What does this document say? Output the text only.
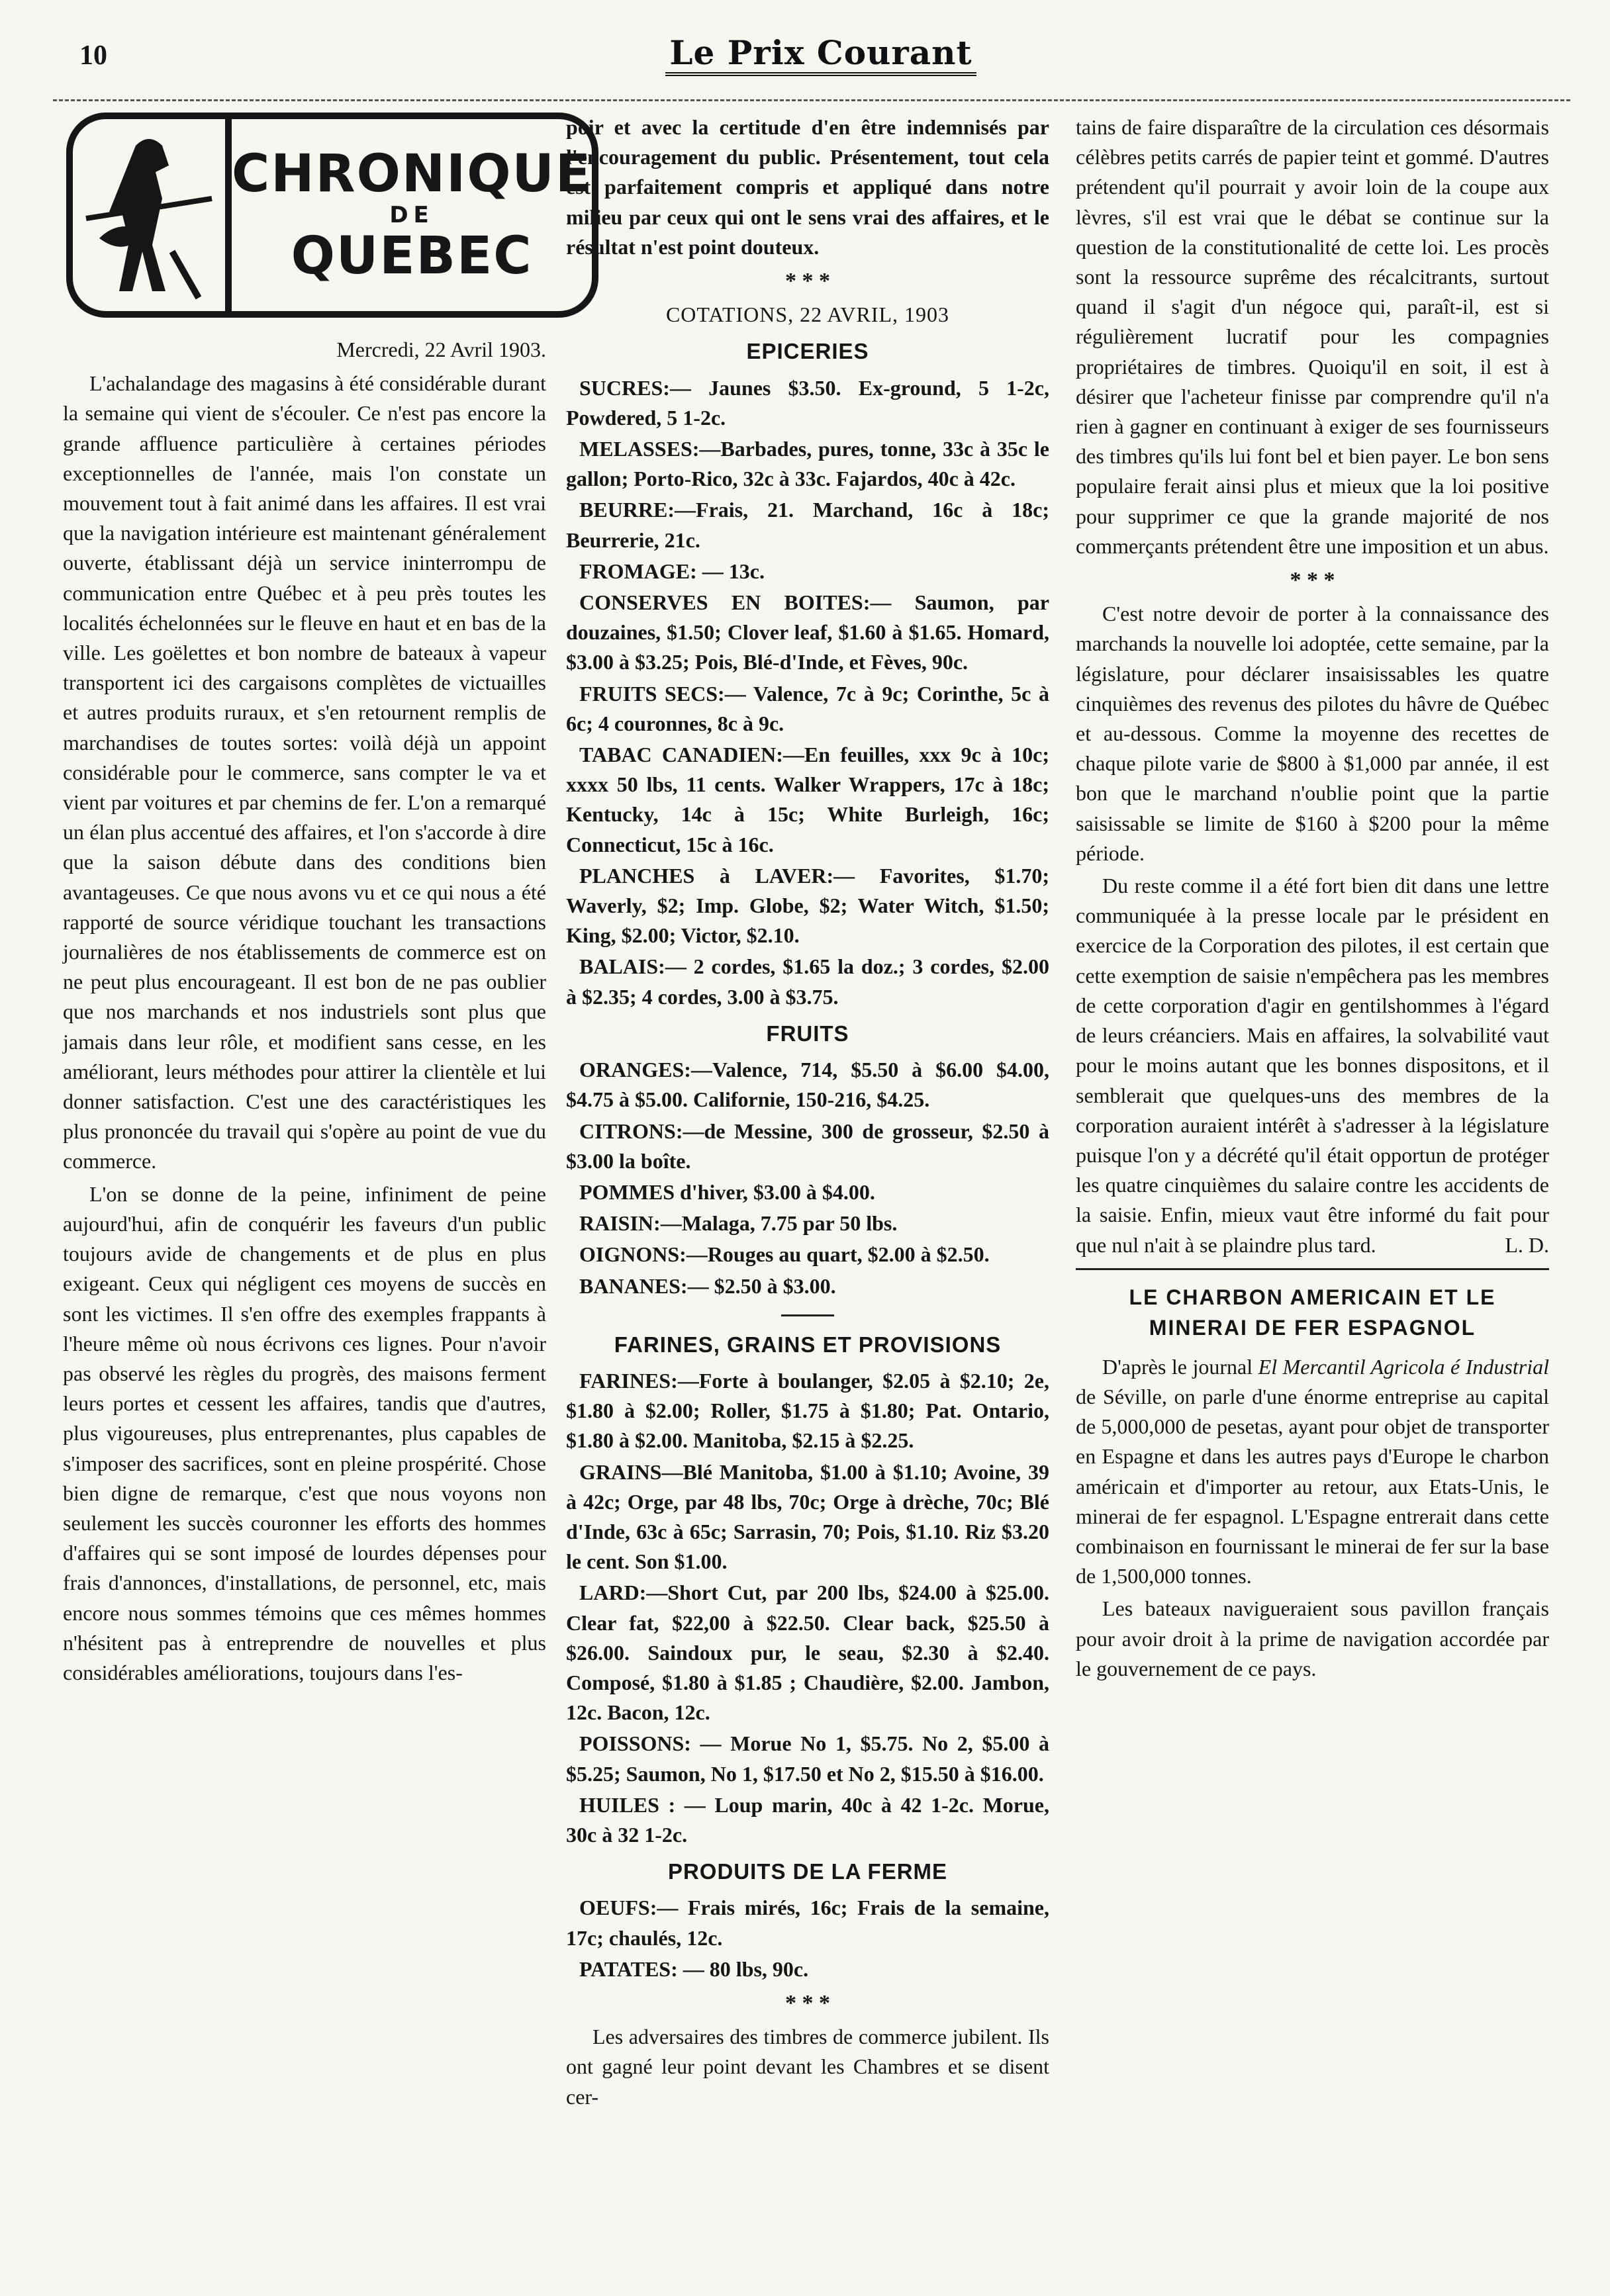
10	Le Prix Courant
CHRONIQUE
DE
QUEBEC
Mercredi, 22 Avril 1903.

L'achalandage des magasins à été considérable durant la semaine qui vient de s'écouler. Ce n'est pas encore la grande affluence particulière à certaines périodes exceptionnelles de l'année, mais l'on constate un mouvement tout à fait animé dans les affaires. Il est vrai que la navigation intérieure est maintenant généralement ouverte, établissant déjà un service ininterrompu de communication entre Québec et à peu près toutes les localités échelonnées sur le fleuve en haut et en bas de la ville. Les goëlettes et bon nombre de bateaux à vapeur transportent ici des cargaisons complètes de victuailles et autres produits ruraux, et s'en retournent remplis de marchandises de toutes sortes: voilà déjà un appoint considérable pour le commerce, sans compter le va et vient par voitures et par chemins de fer. L'on a remarqué un élan plus accentué des affaires, et l'on s'accorde à dire que la saison débute dans des conditions bien avantageuses. Ce que nous avons vu et ce qui nous a été rapporté de source véridique touchant les transactions journalières de nos établissements de commerce est on ne peut plus encourageant. Il est bon de ne pas oublier que nos marchands et nos industriels sont plus que jamais dans leur rôle, et modifient sans cesse, en les améliorant, leurs méthodes pour attirer la clientèle et lui donner satisfaction. C'est une des caractéristiques les plus prononcée du travail qui s'opère au point de vue du commerce.

L'on se donne de la peine, infiniment de peine aujourd'hui, afin de conquérir les faveurs d'un public toujours avide de changements et de plus en plus exigeant. Ceux qui négligent ces moyens de succès en sont les victimes. Il s'en offre des exemples frappants à l'heure même où nous écrivons ces lignes. Pour n'avoir pas observé les règles du progrès, des maisons ferment leurs portes et cessent les affaires, tandis que d'autres, plus vigoureuses, plus entreprenantes, plus capables de s'imposer des sacrifices, sont en pleine prospérité. Chose bien digne de remarque, c'est que nous voyons non seulement les succès couronner les efforts des hommes d'affaires qui se sont imposé de lourdes dépenses pour frais d'annonces, d'installations, de personnel, etc, mais encore nous sommes témoins que ces mêmes hommes n'hésitent pas à entreprendre de nouvelles et plus considérables améliorations, toujours dans l'es-

poir et avec la certitude d'en être indemnisés par l'encouragement du public. Présentement, tout cela est parfaitement compris et appliqué dans notre milieu par ceux qui ont le sens vrai des affaires, et le résultat n'est point douteux.

* * *
COTATIONS, 22 AVRIL, 1903
EPICERIES

SUCRES:— Jaunes $3.50. Ex-ground, 5 1-2c, Powdered, 5 1-2c.

MELASSES:—Barbades, pures, tonne, 33c à 35c le gallon; Porto-Rico, 32c à 33c. Fajardos, 40c à 42c.

BEURRE:—Frais, 21. Marchand, 16c à 18c; Beurrerie, 21c.

FROMAGE: — 13c.

CONSERVES EN BOITES:— Saumon, par douzaines, $1.50; Clover leaf, $1.60 à $1.65. Homard, $3.00 à $3.25; Pois, Blé-d'Inde, et Fèves, 90c.

FRUITS SECS:— Valence, 7c à 9c; Corinthe, 5c à 6c; 4 couronnes, 8c à 9c.

TABAC CANADIEN:—En feuilles, xxx 9c à 10c; xxxx 50 lbs, 11 cents. Walker Wrappers, 17c à 18c; Kentucky, 14c à 15c; White Burleigh, 16c; Connecticut, 15c à 16c.

PLANCHES à LAVER:— Favorites, $1.70; Waverly, $2; Imp. Globe, $2; Water Witch, $1.50; King, $2.00; Victor, $2.10.

BALAIS:— 2 cordes, $1.65 la doz.; 3 cordes, $2.00 à $2.35; 4 cordes, 3.00 à $3.75.

FRUITS

ORANGES:—Valence, 714, $5.50 à $6.00 $4.00, $4.75 à $5.00. Californie, 150-216, $4.25.

CITRONS:—de Messine, 300 de grosseur, $2.50 à $3.00 la boîte.

POMMES d'hiver, $3.00 à $4.00.

RAISIN:—Malaga, 7.75 par 50 lbs.

OIGNONS:—Rouges au quart, $2.00 à $2.50.

BANANES:— $2.50 à $3.00.

FARINES, GRAINS ET PROVISIONS

FARINES:—Forte à boulanger, $2.05 à $2.10; 2e, $1.80 à $2.00; Roller, $1.75 à $1.80; Pat. Ontario, $1.80 à $2.00. Manitoba, $2.15 à $2.25.

GRAINS—Blé Manitoba, $1.00 à $1.10; Avoine, 39 à 42c; Orge, par 48 lbs, 70c; Orge à drèche, 70c; Blé d'Inde, 63c à 65c; Sarrasin, 70; Pois, $1.10. Riz $3.20 le cent. Son $1.00.

LARD:—Short Cut, par 200 lbs, $24.00 à $25.00. Clear fat, $22,00 à $22.50. Clear back, $25.50 à $26.00. Saindoux pur, le seau, $2.30 à $2.40. Composé, $1.80 à $1.85 ; Chaudière, $2.00. Jambon, 12c. Bacon, 12c.

POISSONS: — Morue No 1, $5.75. No 2, $5.00 à $5.25; Saumon, No 1, $17.50 et No 2, $15.50 à $16.00.

HUILES : — Loup marin, 40c à 42 1-2c. Morue, 30c à 32 1-2c.

PRODUITS DE LA FERME

OEUFS:— Frais mirés, 16c; Frais de la semaine, 17c; chaulés, 12c.

PATATES: — 80 lbs, 90c.

* * *

Les adversaires des timbres de commerce jubilent. Ils ont gagné leur point devant les Chambres et se disent cer-

tains de faire disparaître de la circulation ces désormais célèbres petits carrés de papier teint et gommé. D'autres prétendent qu'il pourrait y avoir loin de la coupe aux lèvres, s'il est vrai que le débat se continue sur la question de la constitutionalité de cette loi. Les procès sont la ressource suprême des récalcitrants, surtout quand il s'agit d'un négoce qui, paraît-il, est si régulièrement lucratif pour les compagnies propriétaires de timbres. Quoiqu'il en soit, il est à désirer que l'acheteur finisse par comprendre qu'il n'a rien à gagner en continuant à exiger de ses fournisseurs des timbres qu'ils lui font bel et bien payer. Le bon sens populaire ferait ainsi plus et mieux que la loi positive pour supprimer ce que la grande majorité de nos commerçants prétendent être une imposition et un abus.

* * *

C'est notre devoir de porter à la connaissance des marchands la nouvelle loi adoptée, cette semaine, par la législature, pour déclarer insaisissables les quatre cinquièmes des revenus des pilotes du hâvre de Québec et au-dessous. Comme la moyenne des recettes de chaque pilote varie de $800 à $1,000 par année, il est bon que le marchand n'oublie point que la partie saisissable se limite de $160 à $200 pour la même période.

Du reste comme il a été fort bien dit dans une lettre communiquée à la presse locale par le président en exercice de la Corporation des pilotes, il est certain que cette exemption de saisie n'empêchera pas les membres de cette corporation d'agir en gentilshommes à l'égard de leurs créanciers. Mais en affaires, la solvabilité vaut pour le moins autant que les bonnes dispositons, et il semblerait que quelques-uns des membres de la corporation auraient intérêt à s'adresser à la législature puisque l'on y a décrété qu'il était opportun de protéger les quatre cinquièmes du salaire contre les accidents de la saisie. Enfin, mieux vaut être informé du fait pour que nul n'ait à se plaindre plus tard.	L. D.

LE CHARBON AMERICAIN ET LE
MINERAI DE FER ESPAGNOL

D'après le journal El Mercantil Agricola é Industrial de Séville, on parle d'une énorme entreprise au capital de 5,000,000 de pesetas, ayant pour objet de transporter en Espagne et dans les autres pays d'Europe le charbon américain et d'importer au retour, aux Etats-Unis, le minerai de fer espagnol. L'Espagne entrerait dans cette combinaison en fournissant le minerai de fer sur la base de 1,500,000 tonnes.

Les bateaux navigueraient sous pavillon français pour avoir droit à la prime de navigation accordée par le gouvernement de ce pays.
